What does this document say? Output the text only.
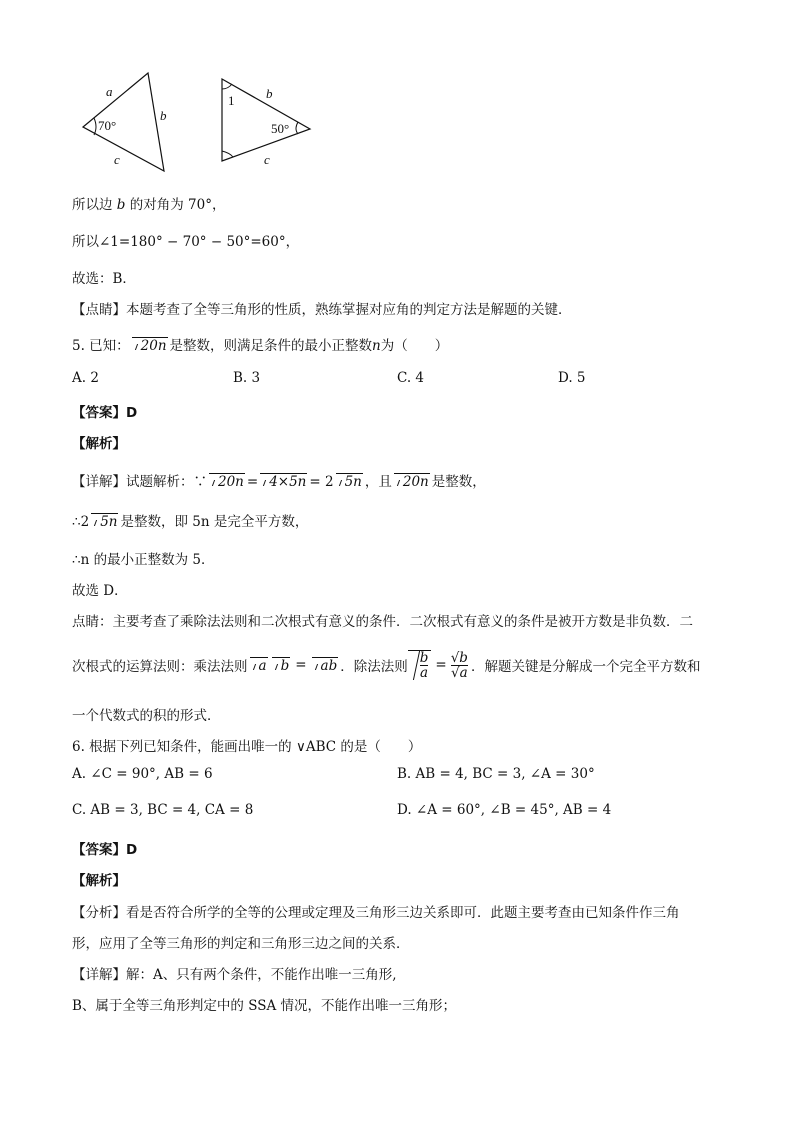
a
b
c
70°
1 b
c
50°
所以边 b 的对角为 70°，
所以∠1=180° − 70° − 50°=60°，
故选：B．
【点睛】本题考查了全等三角形的性质，熟练掌握对应角的判定方法是解题的关键．
5. 已知： 20n 是整数，则满足条件的最小正整数n为（　　）
A. 2	B. 3	C. 4	D. 5
【答案】D
【解析】
【详解】试题解析：∵ 20n = 4×5n = 2 5n ，且 20n 是整数，
∴2 5n 是整数，即 5n 是完全平方数，
∴n 的最小正整数为 5．
故选 D．
点睛：主要考查了乘除法法则和二次根式有意义的条件．二次根式有意义的条件是被开方数是非负数．二
次根式的运算法则：乘法法则 a	b =	ab ．除法法则 $\frac{b}{a} = \frac{√b}{√a}$ ．解题关键是分解成一个完全平方数和
一个代数式的积的形式．
6. 根据下列已知条件，能画出唯一的 ∨ABC 的是（　　）
A. ∠C = 90°, AB = 6	B. AB = 4, BC = 3, ∠A = 30°
C. AB = 3, BC = 4, CA = 8	D. ∠A = 60°, ∠B = 45°, AB = 4
【答案】D
【解析】
【分析】看是否符合所学的全等的公理或定理及三角形三边关系即可．此题主要考查由已知条件作三角
形，应用了全等三角形的判定和三角形三边之间的关系．
【详解】解：A、只有两个条件，不能作出唯一三角形,
B、属于全等三角形判定中的 SSA 情况，不能作出唯一三角形；
